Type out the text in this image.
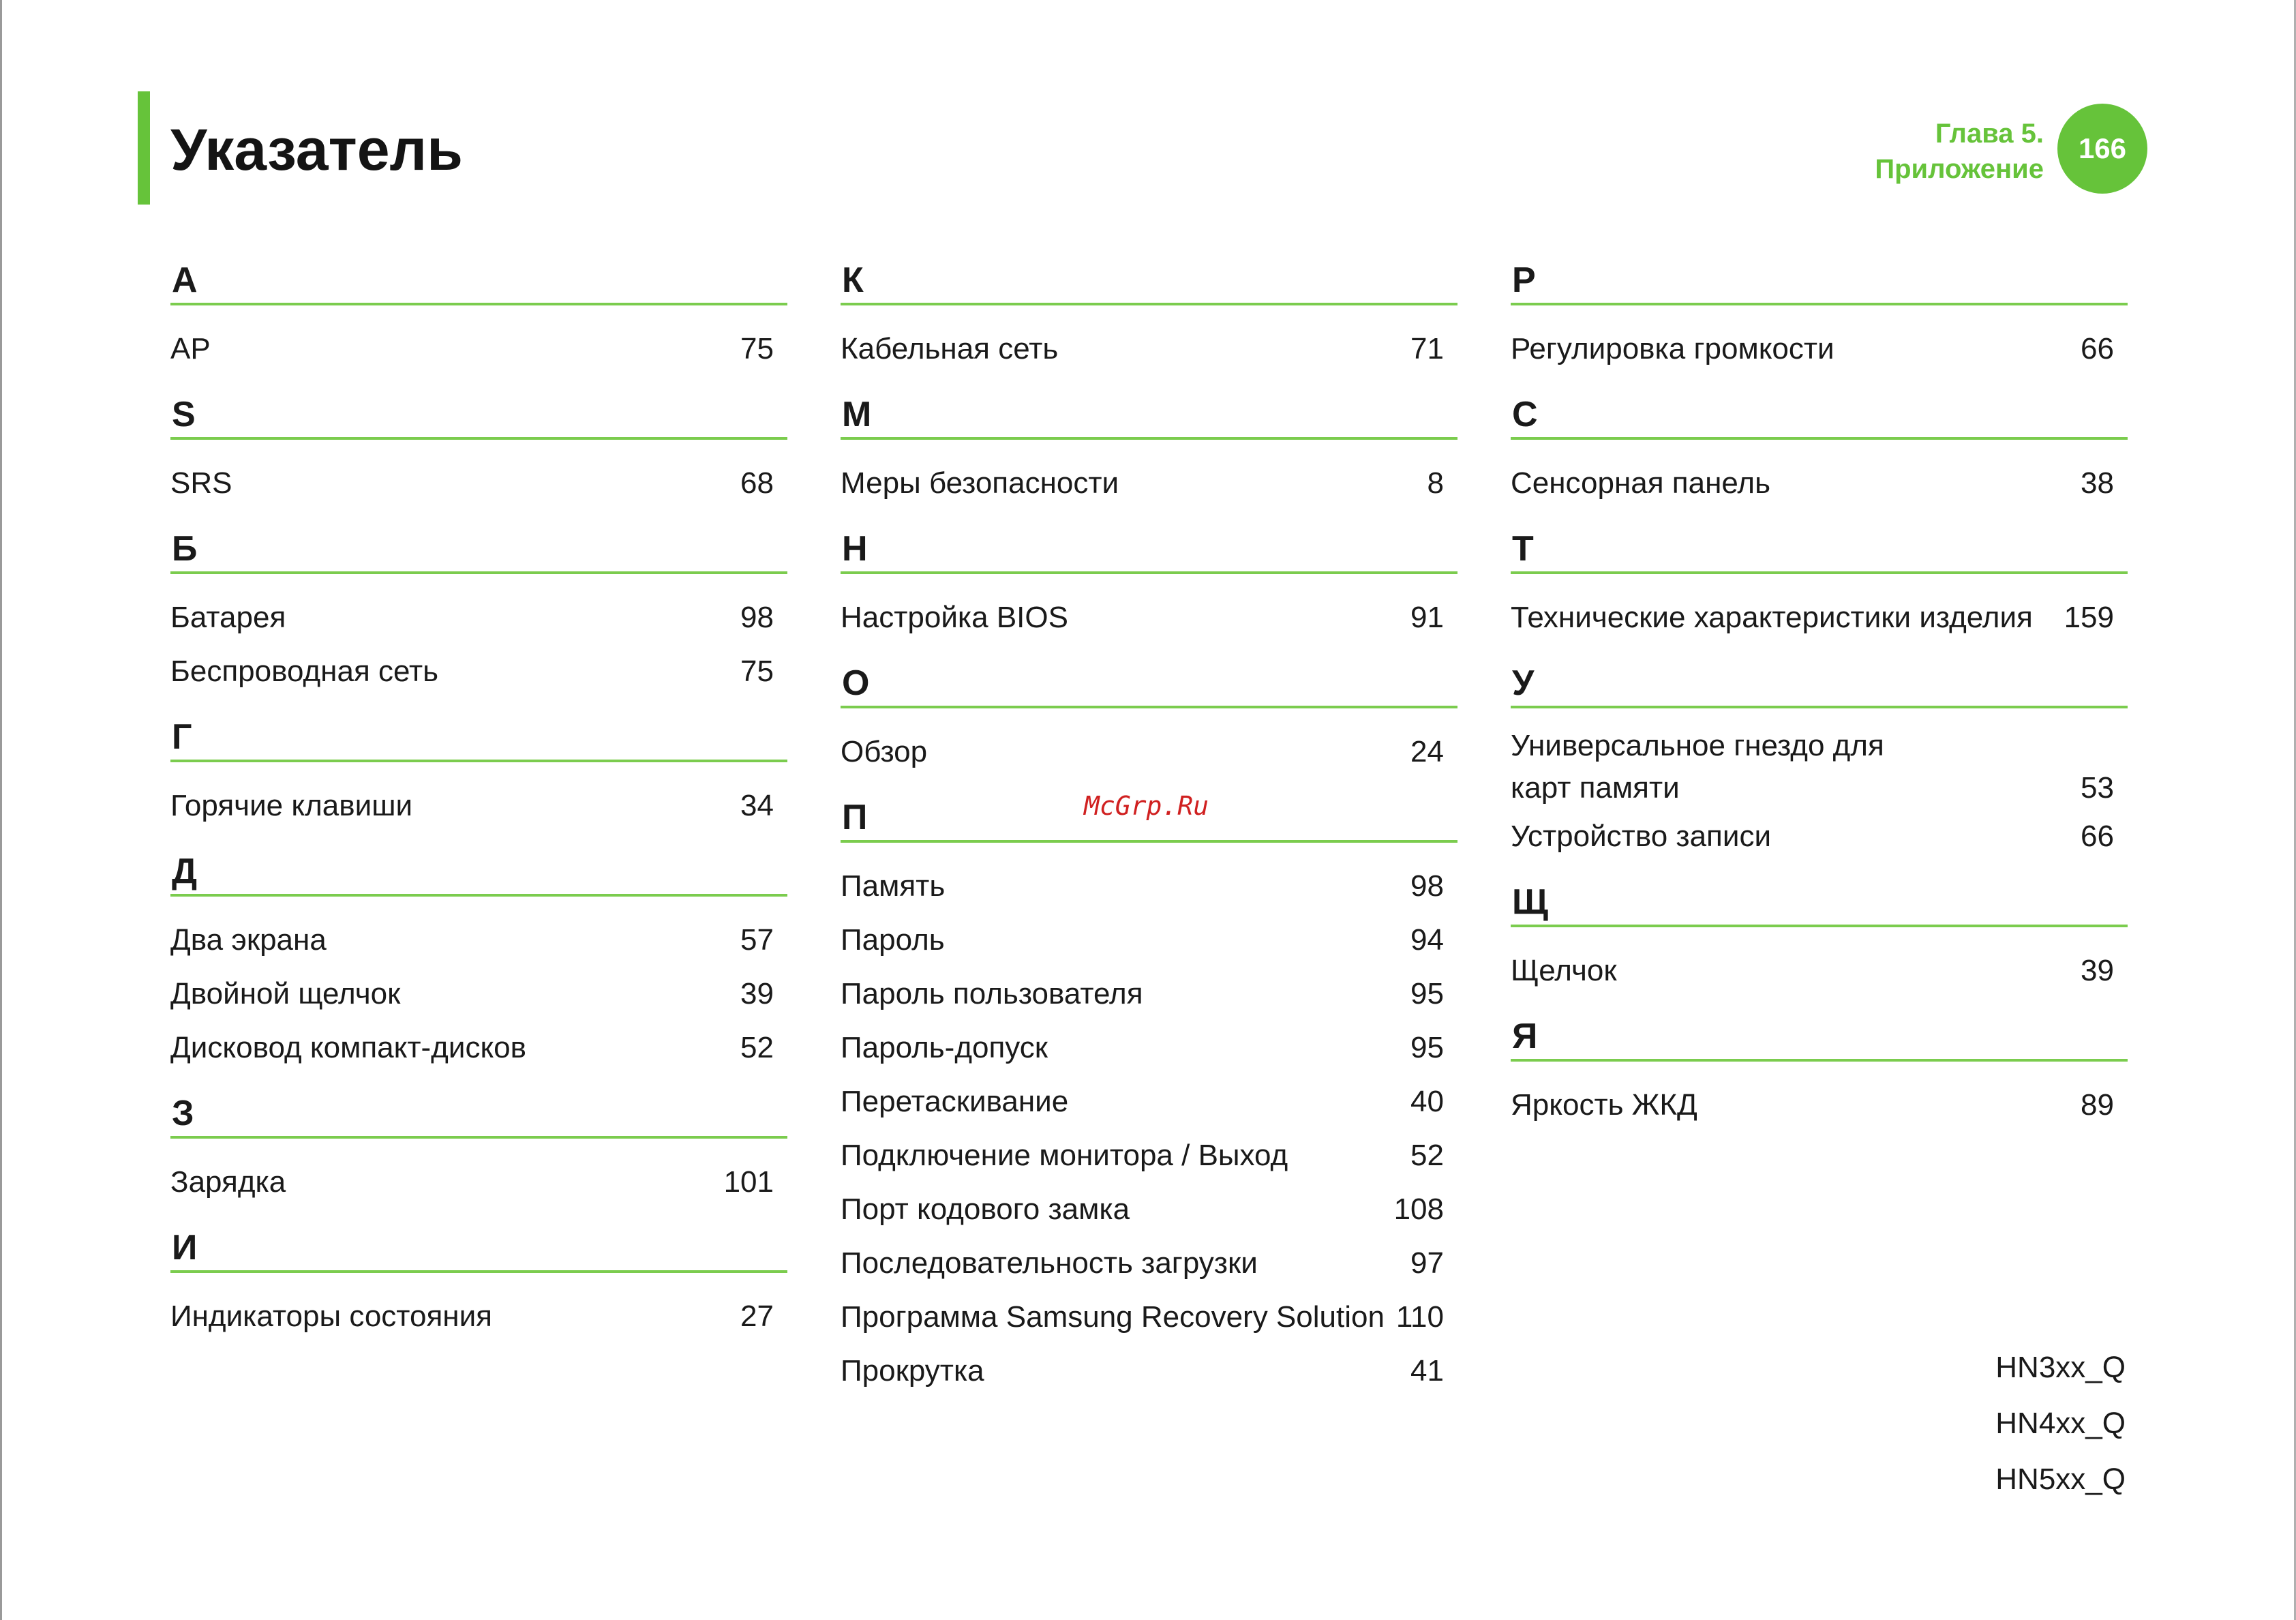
Указатель	Глава 5.
Приложение
166
A
AP	75
S
SRS	68
Б
Батарея	98
Беспроводная сеть	75
Г
Горячие клавиши	34
Д
Два экрана	57
Двойной щелчок	39
Дисковод компакт-дисков	52
З
Зарядка	101
И
Индикаторы состояния	27
К
Кабельная сеть	71
М
Меры безопасности	8
Н
Настройка BIOS	91
О
Обзор	24
П
Память	98
Пароль	94
Пароль пользователя	95
Пароль-допуск	95
Перетаскивание	40
Подключение монитора / Выход	52
Порт кодового замка	108
Последовательность загрузки	97
Программа Samsung Recovery Solution 110
Прокрутка	41
Р
Регулировка громкости	66
С
Сенсорная панель	38
Т
Технические характеристики изделия 159
У
Универсальное гнездо для карт памяти	53
Устройство записи	66
Щ
Щелчок	39
Я
Яркость ЖКД	89
HN3xx_Q
HN4xx_Q
HN5xx_Q
McGrp.Ru
